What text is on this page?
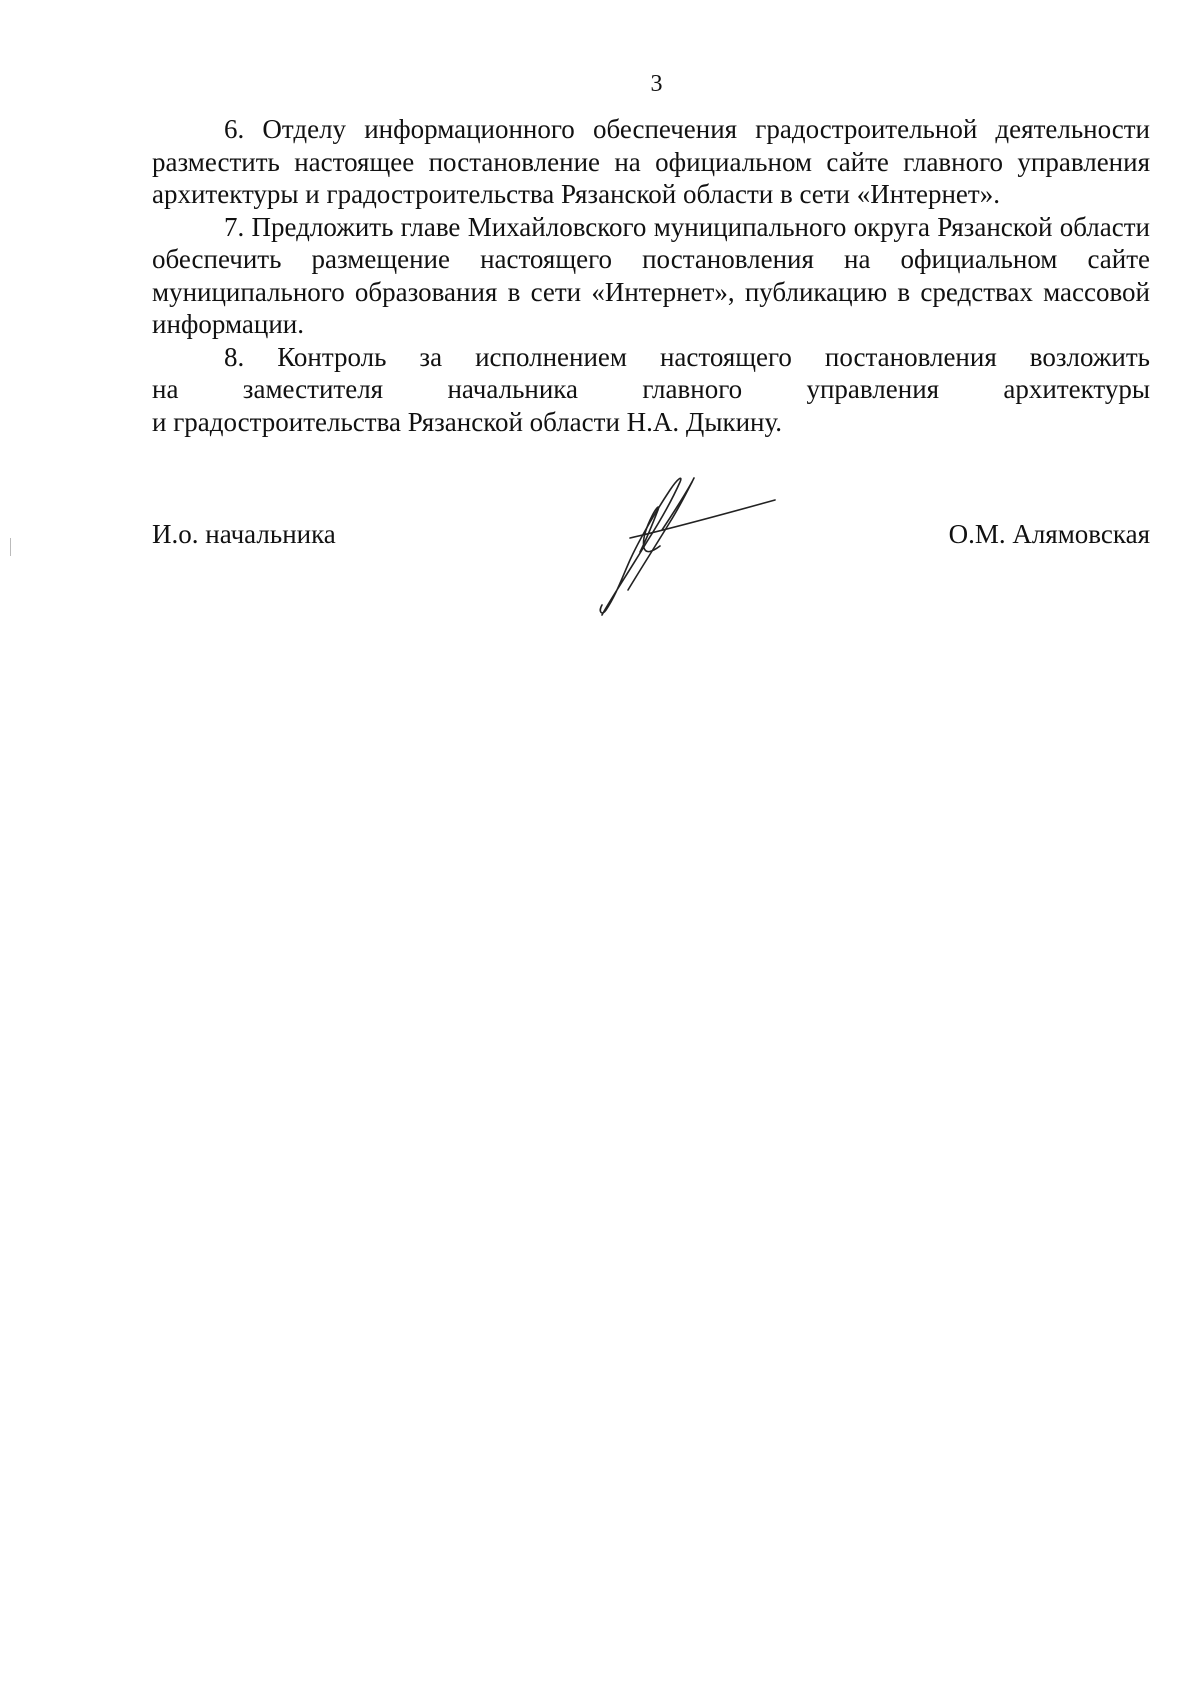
3

6. Отделу информационного обеспечения градостроительной деятельности разместить настоящее постановление на официальном сайте главного управления архитектуры и градостроительства Рязанской области в сети «Интернет».

7. Предложить главе Михайловского муниципального округа Рязанской области обеспечить размещение настоящего постановления на официальном сайте муниципального образования в сети «Интернет», публикацию в средствах массовой информации.

8. Контроль за исполнением настоящего постановления возложить
на заместителя начальника главного управления архитектуры
и градостроительства Рязанской области Н.А. Дыкину.

И.о. начальника	О.М. Алямовская
